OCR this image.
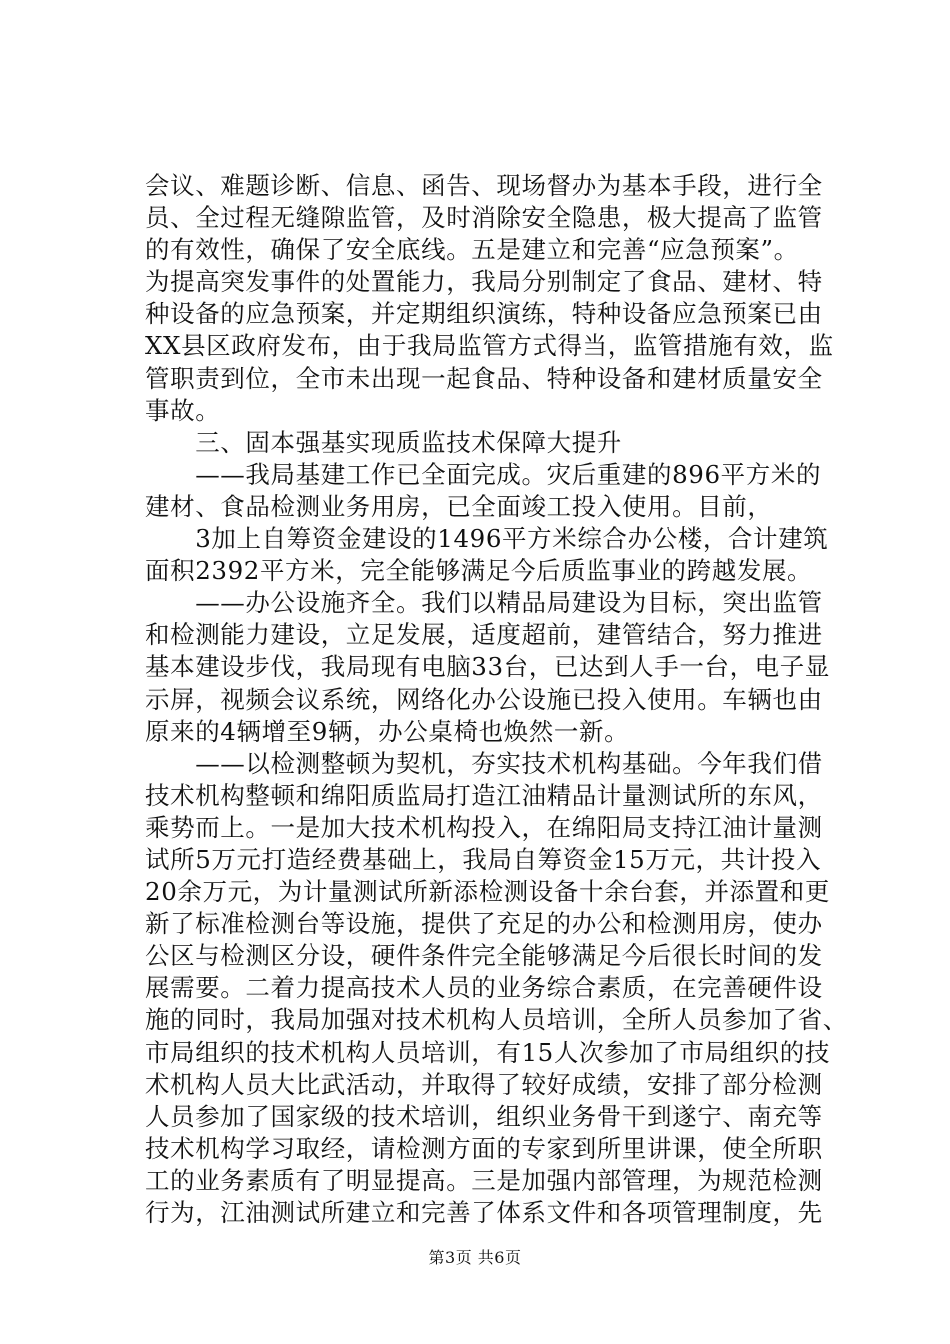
会议、难题诊断、信息、函告、现场督办为基本手段，进行全
员、全过程无缝隙监管，及时消除安全隐患，极大提高了监管
的有效性，确保了安全底线。五是建立和完善“应急预案”。
为提高突发事件的处置能力，我局分别制定了食品、建材、特
种设备的应急预案，并定期组织演练，特种设备应急预案已由
XX县区政府发布，由于我局监管方式得当，监管措施有效，监
管职责到位，全市未出现一起食品、特种设备和建材质量安全
事故。
　　三、固本强基实现质监技术保障大提升
　　——我局基建工作已全面完成。灾后重建的896平方米的
建材、食品检测业务用房，已全面竣工投入使用。目前，
　　3加上自筹资金建设的1496平方米综合办公楼，合计建筑
面积2392平方米，完全能够满足今后质监事业的跨越发展。
　　——办公设施齐全。我们以精品局建设为目标，突出监管
和检测能力建设，立足发展，适度超前，建管结合，努力推进
基本建设步伐，我局现有电脑33台，已达到人手一台，电子显
示屏，视频会议系统，网络化办公设施已投入使用。车辆也由
原来的4辆增至9辆，办公桌椅也焕然一新。
　　——以检测整顿为契机，夯实技术机构基础。今年我们借
技术机构整顿和绵阳质监局打造江油精品计量测试所的东风，
乘势而上。一是加大技术机构投入，在绵阳局支持江油计量测
试所5万元打造经费基础上，我局自筹资金15万元，共计投入
20余万元，为计量测试所新添检测设备十余台套，并添置和更
新了标准检测台等设施，提供了充足的办公和检测用房，使办
公区与检测区分设，硬件条件完全能够满足今后很长时间的发
展需要。二着力提高技术人员的业务综合素质，在完善硬件设
施的同时，我局加强对技术机构人员培训，全所人员参加了省、
市局组织的技术机构人员培训，有15人次参加了市局组织的技
术机构人员大比武活动，并取得了较好成绩，安排了部分检测
人员参加了国家级的技术培训，组织业务骨干到遂宁、南充等
技术机构学习取经，请检测方面的专家到所里讲课，使全所职
工的业务素质有了明显提高。三是加强内部管理，为规范检测
行为，江油测试所建立和完善了体系文件和各项管理制度，先
第3页 共6页
